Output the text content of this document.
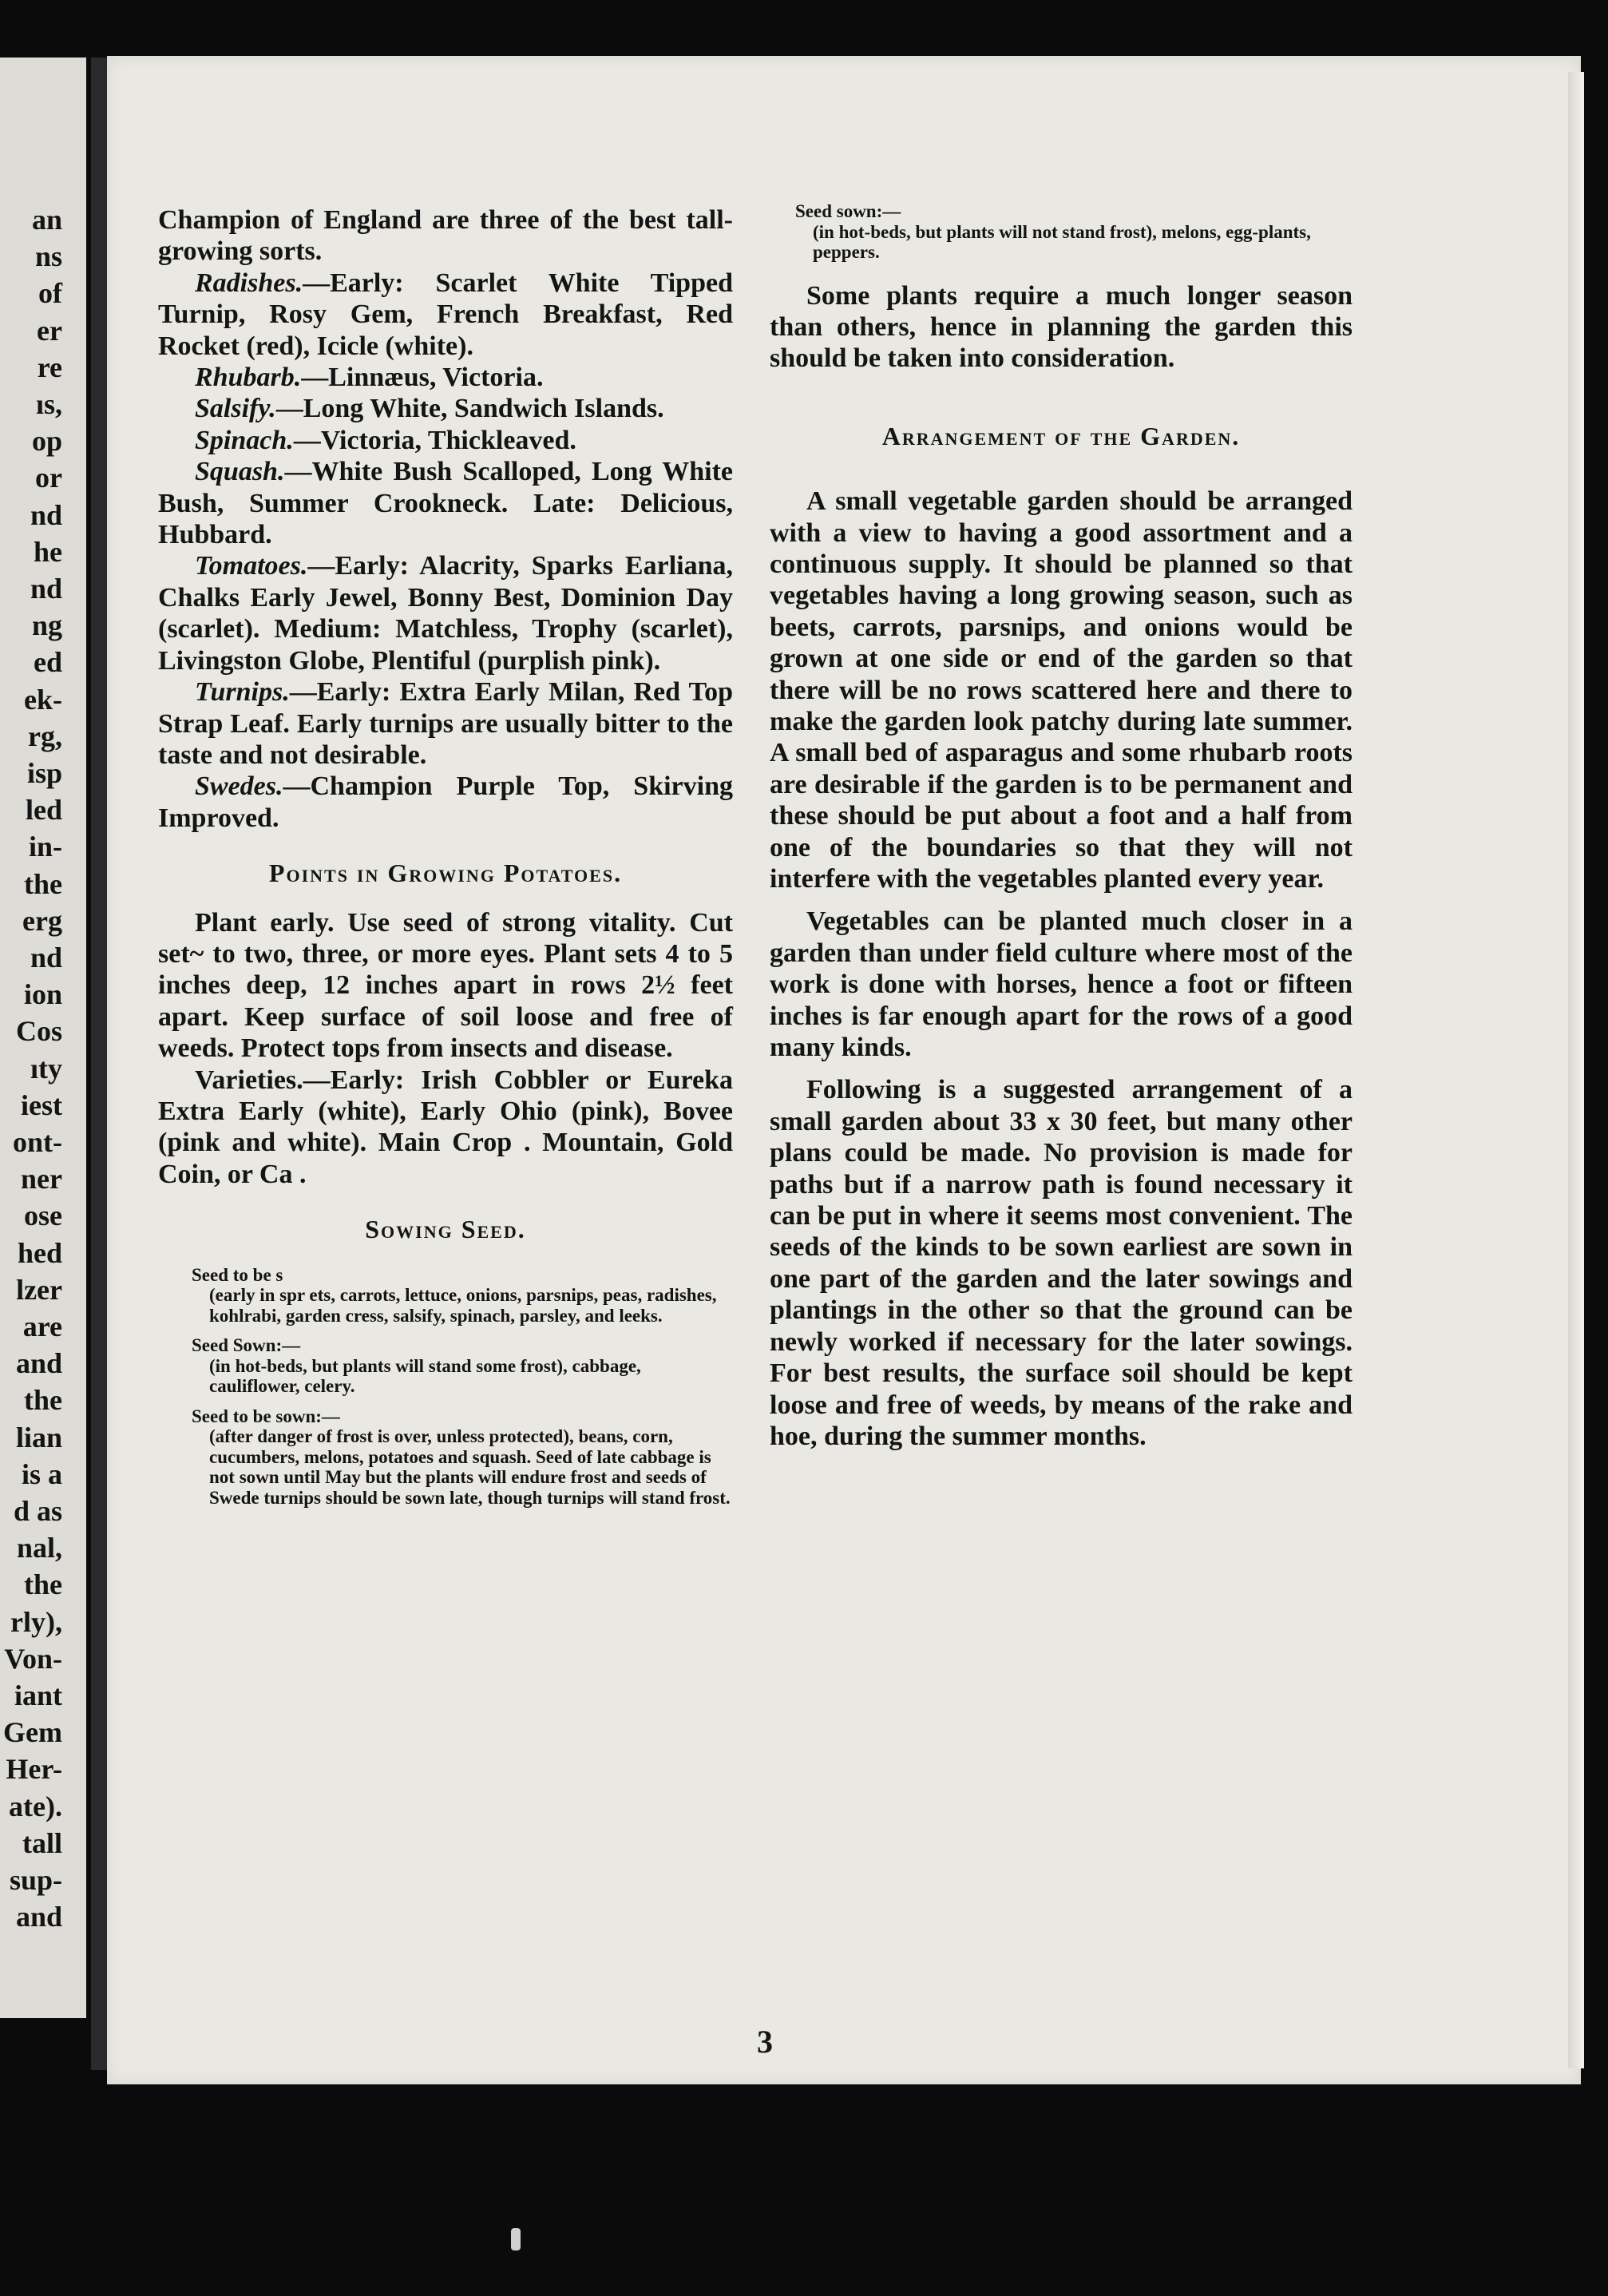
an
ns
of
er
re
ıs,
op
or
nd
he
nd
ng
ed
ek-
rg,
isp
led
in-
the
erg
nd
ion
Cos
ıty
iest
ont-
ner
ose
hed
lzer
are
and
the
lian
is a
d as
nal,
the
rly),
Von-
iant
Gem
Her-
ate).
tall
sup-
and

Champion of England are three of the best tall-growing sorts.

Radishes.—Early: Scarlet White Tipped Turnip, Rosy Gem, French Breakfast, Red Rocket (red), Icicle (white).

Rhubarb.—Linnæus, Victoria.

Salsify.—Long White, Sandwich Islands.

Spinach.—Victoria, Thickleaved.

Squash.—White Bush Scalloped, Long White Bush, Summer Crookneck. Late: Delicious, Hubbard.

Tomatoes.—Early: Alacrity, Sparks Earliana, Chalks Early Jewel, Bonny Best, Dominion Day (scarlet). Medium: Matchless, Trophy (scarlet), Livingston Globe, Plentiful (purplish pink).

Turnips.—Early: Extra Early Milan, Red Top Strap Leaf. Early turnips are usually bitter to the taste and not desirable.

Swedes.—Champion Purple Top, Skirving Improved.

Points in Growing Potatoes.

Plant early. Use seed of strong vitality. Cut set~ to two, three, or more eyes. Plant sets 4 to 5 inches deep, 12 inches apart in rows 2½ feet apart. Keep surface of soil loose and free of weeds. Protect tops from insects and disease.

Varieties.—Early: Irish Cobbler or Eureka Extra Early (white), Early Ohio (pink), Bovee (pink and white). Main Crop . Mountain, Gold Coin, or Ca .

Sowing Seed.

Seed to be s

(early in spr ets, carrots, lettuce, onions, parsnips, peas, radishes, kohlrabi, garden cress, salsify, spinach, parsley, and leeks.

Seed Sown:—

(in hot-beds, but plants will stand some frost), cabbage, cauliflower, celery.

Seed to be sown:—

(after danger of frost is over, unless protected), beans, corn, cucumbers, melons, potatoes and squash. Seed of late cabbage is not sown until May but the plants will endure frost and seeds of Swede turnips should be sown late, though turnips will stand frost.

Seed sown:—

(in hot-beds, but plants will not stand frost), melons, egg-plants, peppers.

Some plants require a much longer season than others, hence in planning the garden this should be taken into consideration.

Arrangement of the Garden.

A small vegetable garden should be arranged with a view to having a good assortment and a continuous supply. It should be planned so that vegetables having a long growing season, such as beets, carrots, parsnips, and onions would be grown at one side or end of the garden so that there will be no rows scattered here and there to make the garden look patchy during late summer. A small bed of asparagus and some rhubarb roots are desirable if the garden is to be permanent and these should be put about a foot and a half from one of the boundaries so that they will not interfere with the vegetables planted every year.

Vegetables can be planted much closer in a garden than under field culture where most of the work is done with horses, hence a foot or fifteen inches is far enough apart for the rows of a good many kinds.

Following is a suggested arrangement of a small garden about 33 x 30 feet, but many other plans could be made. No provision is made for paths but if a narrow path is found necessary it can be put in where it seems most convenient. The seeds of the kinds to be sown earliest are sown in one part of the garden and the later sowings and plantings in the other so that the ground can be newly worked if necessary for the later sowings. For best results, the surface soil should be kept loose and free of weeds, by means of the rake and hoe, during the summer months.

3
